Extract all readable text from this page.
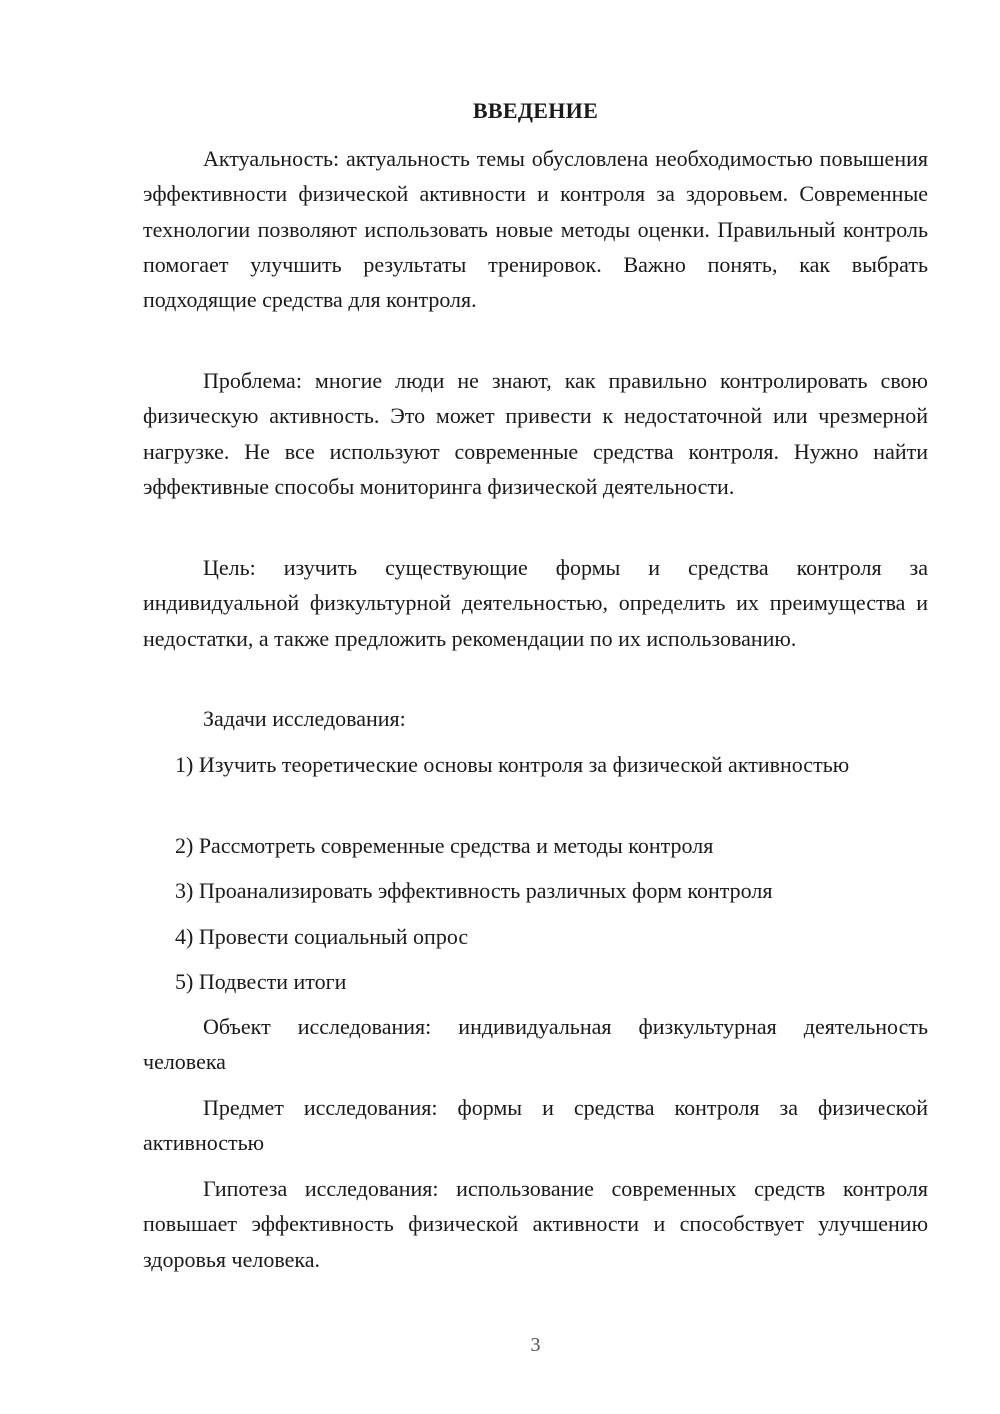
ВВЕДЕНИЕ

Актуальность: актуальность темы обусловлена необходимостью повышения эффективности физической активности и контроля за здоровьем. Современные технологии позволяют использовать новые методы оценки. Правильный контроль помогает улучшить результаты тренировок. Важно понять, как выбрать подходящие средства для контроля.

Проблема: многие люди не знают, как правильно контролировать свою физическую активность. Это может привести к недостаточной или чрезмерной нагрузке. Не все используют современные средства контроля. Нужно найти эффективные способы мониторинга физической деятельности.

Цель: изучить существующие формы и средства контроля за индивидуальной физкультурной деятельностью, определить их преимущества и недостатки, а также предложить рекомендации по их использованию.

Задачи исследования:

1) Изучить теоретические основы контроля за физической активностью

2) Рассмотреть современные средства и методы контроля

3) Проанализировать эффективность различных форм контроля

4) Провести социальный опрос

5) Подвести итоги

Объект исследования: индивидуальная физкультурная деятельность человека

Предмет исследования: формы и средства контроля за физической активностью

Гипотеза исследования: использование современных средств контроля повышает эффективность физической активности и способствует улучшению здоровья человека.

3
